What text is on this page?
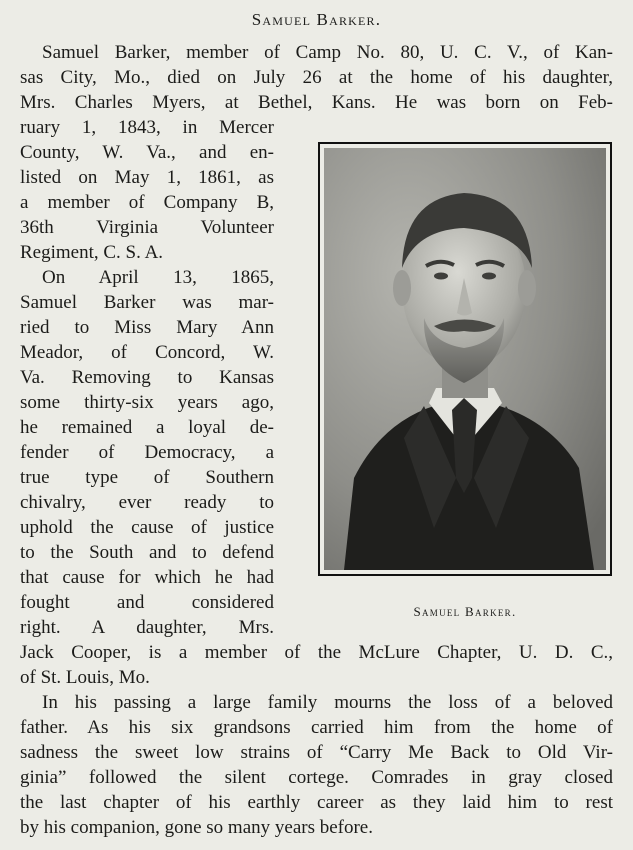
Samuel Barker.
Samuel Barker, member of Camp No. 80, U. C. V., of Kan-
sas City, Mo., died on July 26 at the home of his daughter,
Mrs. Charles Myers, at Bethel, Kans. He was born on Feb-
ruary 1, 1843, in Mercer
County, W. Va., and en-
listed on May 1, 1861, as
a member of Company B,
36th Virginia Volunteer
Regiment, C. S. A.
On April 13, 1865,
Samuel Barker was mar-
ried to Miss Mary Ann
Meador, of Concord, W.
Va. Removing to Kansas
some thirty-six years ago,
he remained a loyal de-
fender of Democracy, a
true type of Southern
chivalry, ever ready to
uphold the cause of justice
to the South and to defend
that cause for which he had
fought and considered
right. A daughter, Mrs.
Jack Cooper, is a member of the McLure Chapter, U. D. C.,
of St. Louis, Mo.
In his passing a large family mourns the loss of a beloved
father. As his six grandsons carried him from the home of
sadness the sweet low strains of “Carry Me Back to Old Vir-
ginia” followed the silent cortege. Comrades in gray closed
the last chapter of his earthly career as they laid him to rest
by his companion, gone so many years before.
Samuel Barker.
